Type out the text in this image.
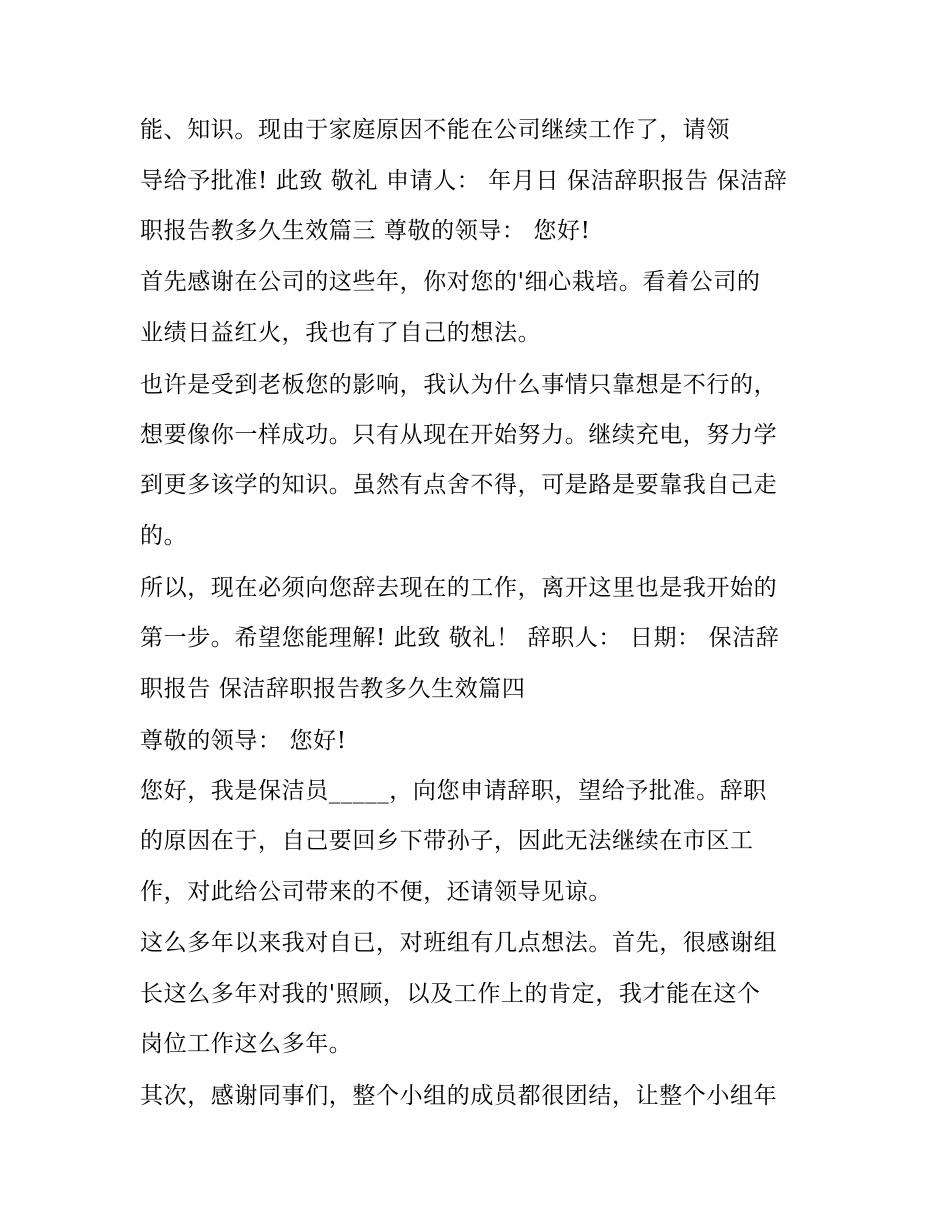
能、知识。现由于家庭原因不能在公司继续工作了，请领
导给予批准! 此致 敬礼 申请人： 年月日 保洁辞职报告 保洁辞
职报告教多久生效篇三 尊敬的领导： 您好!
首先感谢在公司的这些年，你对您的'细心栽培。看着公司的
业绩日益红火，我也有了自己的想法。
也许是受到老板您的影响，我认为什么事情只靠想是不行的，
想要像你一样成功。只有从现在开始努力。继续充电，努力学
到更多该学的知识。虽然有点舍不得，可是路是要靠我自己走
的。
所以，现在必须向您辞去现在的工作，离开这里也是我开始的
第一步。希望您能理解! 此致 敬礼！ 辞职人： 日期： 保洁辞
职报告 保洁辞职报告教多久生效篇四
尊敬的领导： 您好!
您好，我是保洁员_____，向您申请辞职，望给予批准。辞职
的原因在于，自己要回乡下带孙子，因此无法继续在市区工
作，对此给公司带来的不便，还请领导见谅。
这么多年以来我对自已，对班组有几点想法。首先，很感谢组
长这么多年对我的'照顾，以及工作上的肯定，我才能在这个
岗位工作这么多年。
其次，感谢同事们，整个小组的成员都很团结，让整个小组年
